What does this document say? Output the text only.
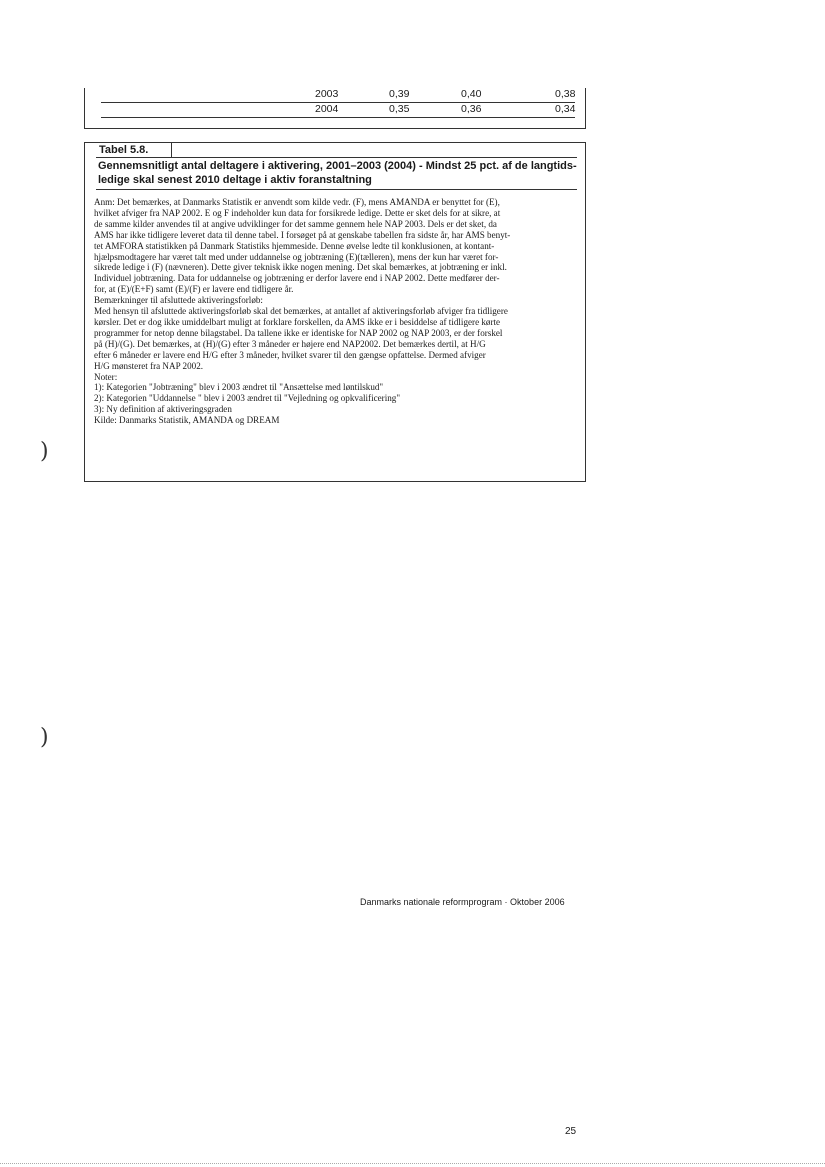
2003	0,39	0,40	0,38
2004	0,35	0,36	0,34
Tabel 5.8.
Gennemsnitligt antal deltagere i aktivering, 2001–2003 (2004) - Mindst 25 pct. af de langtids-
ledige skal senest 2010 deltage i aktiv foranstaltning

Anm: Det bemærkes, at Danmarks Statistik er anvendt som kilde vedr. (F), mens AMANDA er benyttet for (E),

hvilket afviger fra NAP 2002. E og F indeholder kun data for forsikrede ledige. Dette er sket dels for at sikre, at

de samme kilder anvendes til at angive udviklinger for det samme gennem hele NAP 2003. Dels er det sket, da

AMS har ikke tidligere leveret data til denne tabel. I forsøget på at genskabe tabellen fra sidste år, har AMS benyt-

tet AMFORA statistikken på Danmark Statistiks hjemmeside. Denne øvelse ledte til konklusionen, at kontant-

hjælpsmodtagere har været talt med under uddannelse og jobtræning (E)(tælleren), mens der kun har været for-

sikrede ledige i (F) (nævneren). Dette giver teknisk ikke nogen mening. Det skal bemærkes, at jobtræning er inkl.

Individuel jobtræning. Data for uddannelse og jobtræning er derfor lavere end i NAP 2002. Dette medfører der-

for, at (E)/(E+F) samt (E)/(F) er lavere end tidligere år.

Bemærkninger til afsluttede aktiveringsforløb:

Med hensyn til afsluttede aktiveringsforløb skal det bemærkes, at antallet af aktiveringsforløb afviger fra tidligere

kørsler. Det er dog ikke umiddelbart muligt at forklare forskellen, da AMS ikke er i besiddelse af tidligere kørte

programmer for netop denne bilagstabel. Da tallene ikke er identiske for NAP 2002 og NAP 2003, er der forskel

på (H)/(G). Det bemærkes, at (H)/(G) efter 3 måneder er højere end NAP2002. Det bemærkes dertil, at H/G

efter 6 måneder er lavere end H/G efter 3 måneder, hvilket svarer til den gængse opfattelse. Dermed afviger

H/G mønsteret fra NAP 2002.

Noter:

1): Kategorien "Jobtræning" blev i 2003 ændret til "Ansættelse med løntilskud"

2): Kategorien "Uddannelse " blev i 2003 ændret til "Vejledning og opkvalificering"

3): Ny definition af aktiveringsgraden

Kilde: Danmarks Statistik, AMANDA og DREAM

)
)
Danmarks nationale reformprogram · Oktober 2006
25
